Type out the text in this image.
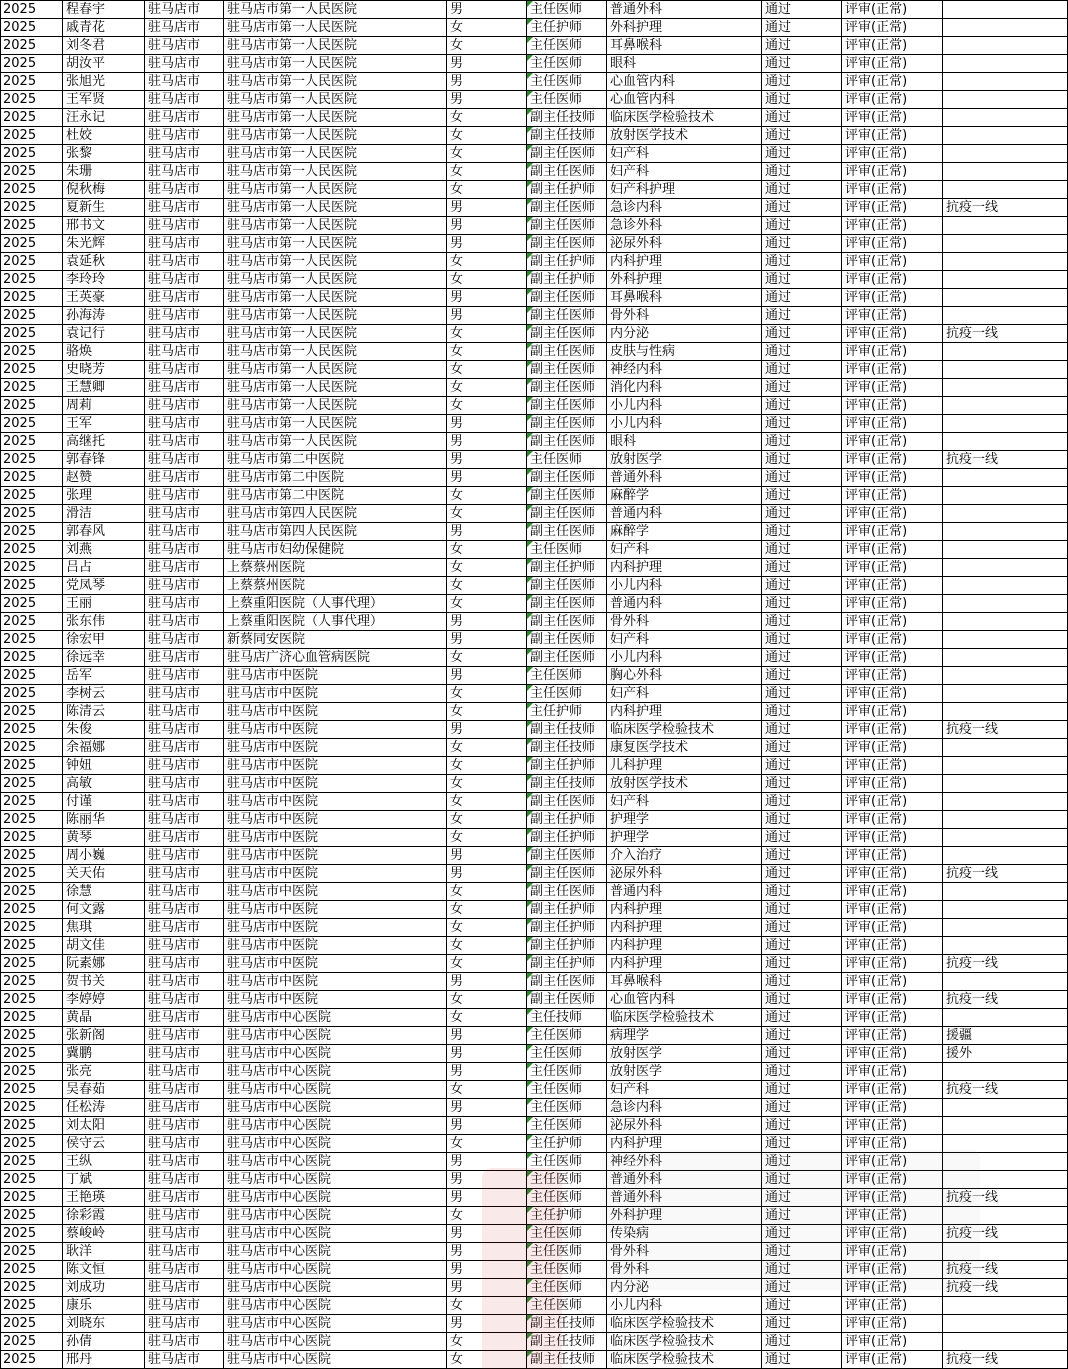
2025	程春宇	驻马店市	驻马店市第一人民医院	男	主任医师	普通外科	通过	评审(正常)
2025	戚青花	驻马店市	驻马店市第一人民医院	女	主任护师	外科护理	通过	评审(正常)
2025	刘冬君	驻马店市	驻马店市第一人民医院	女	主任医师	耳鼻喉科	通过	评审(正常)
2025	胡汝平	驻马店市	驻马店市第一人民医院	男	主任医师	眼科	通过	评审(正常)
2025	张旭光	驻马店市	驻马店市第一人民医院	男	主任医师	心血管内科	通过	评审(正常)
2025	王军贤	驻马店市	驻马店市第一人民医院	男	主任医师	心血管内科	通过	评审(正常)
2025	汪永记	驻马店市	驻马店市第一人民医院	女	副主任技师	临床医学检验技术	通过	评审(正常)
2025	杜姣	驻马店市	驻马店市第一人民医院	女	副主任技师	放射医学技术	通过	评审(正常)
2025	张黎	驻马店市	驻马店市第一人民医院	女	副主任医师	妇产科	通过	评审(正常)
2025	朱珊	驻马店市	驻马店市第一人民医院	女	副主任医师	妇产科	通过	评审(正常)
2025	倪秋梅	驻马店市	驻马店市第一人民医院	女	副主任护师	妇产科护理	通过	评审(正常)
2025	夏新生	驻马店市	驻马店市第一人民医院	男	副主任医师	急诊内科	通过	评审(正常)	抗疫一线
2025	邢书文	驻马店市	驻马店市第一人民医院	男	副主任医师	急诊外科	通过	评审(正常)
2025	朱光辉	驻马店市	驻马店市第一人民医院	男	副主任医师	泌尿外科	通过	评审(正常)
2025	袁延秋	驻马店市	驻马店市第一人民医院	女	副主任护师	内科护理	通过	评审(正常)
2025	李玲玲	驻马店市	驻马店市第一人民医院	女	副主任护师	外科护理	通过	评审(正常)
2025	王英豪	驻马店市	驻马店市第一人民医院	男	副主任医师	耳鼻喉科	通过	评审(正常)
2025	孙海涛	驻马店市	驻马店市第一人民医院	男	副主任医师	骨外科	通过	评审(正常)
2025	袁记行	驻马店市	驻马店市第一人民医院	女	副主任医师	内分泌	通过	评审(正常)	抗疫一线
2025	骆焕	驻马店市	驻马店市第一人民医院	女	副主任医师	皮肤与性病	通过	评审(正常)
2025	史晓芳	驻马店市	驻马店市第一人民医院	女	副主任医师	神经内科	通过	评审(正常)
2025	王慧卿	驻马店市	驻马店市第一人民医院	女	副主任医师	消化内科	通过	评审(正常)
2025	周莉	驻马店市	驻马店市第一人民医院	女	副主任医师	小儿内科	通过	评审(正常)
2025	王军	驻马店市	驻马店市第一人民医院	男	副主任医师	小儿内科	通过	评审(正常)
2025	高继托	驻马店市	驻马店市第一人民医院	男	副主任医师	眼科	通过	评审(正常)
2025	郭春锋	驻马店市	驻马店市第二中医院	男	主任医师	放射医学	通过	评审(正常)	抗疫一线
2025	赵赞	驻马店市	驻马店市第二中医院	男	副主任医师	普通外科	通过	评审(正常)
2025	张理	驻马店市	驻马店市第二中医院	女	副主任医师	麻醉学	通过	评审(正常)
2025	滑洁	驻马店市	驻马店市第四人民医院	女	副主任医师	普通内科	通过	评审(正常)
2025	郭春风	驻马店市	驻马店市第四人民医院	男	副主任医师	麻醉学	通过	评审(正常)
2025	刘燕	驻马店市	驻马店市妇幼保健院	女	主任医师	妇产科	通过	评审(正常)
2025	吕占	驻马店市	上蔡蔡州医院	女	副主任护师	内科护理	通过	评审(正常)
2025	党凤琴	驻马店市	上蔡蔡州医院	女	副主任医师	小儿内科	通过	评审(正常)
2025	王丽	驻马店市	上蔡重阳医院（人事代理）	女	副主任医师	普通内科	通过	评审(正常)
2025	张东伟	驻马店市	上蔡重阳医院（人事代理）	男	副主任医师	骨外科	通过	评审(正常)
2025	徐宏甲	驻马店市	新蔡同安医院	男	副主任医师	妇产科	通过	评审(正常)
2025	徐远幸	驻马店市	驻马店广济心血管病医院	女	副主任医师	小儿内科	通过	评审(正常)
2025	岳军	驻马店市	驻马店市中医院	男	主任医师	胸心外科	通过	评审(正常)
2025	李树云	驻马店市	驻马店市中医院	女	主任医师	妇产科	通过	评审(正常)
2025	陈清云	驻马店市	驻马店市中医院	女	主任护师	内科护理	通过	评审(正常)
2025	朱俊	驻马店市	驻马店市中医院	男	副主任技师	临床医学检验技术	通过	评审(正常)	抗疫一线
2025	余福娜	驻马店市	驻马店市中医院	女	副主任技师	康复医学技术	通过	评审(正常)
2025	钟妞	驻马店市	驻马店市中医院	女	副主任护师	儿科护理	通过	评审(正常)
2025	高敏	驻马店市	驻马店市中医院	女	副主任技师	放射医学技术	通过	评审(正常)
2025	付谨	驻马店市	驻马店市中医院	女	副主任医师	妇产科	通过	评审(正常)
2025	陈丽华	驻马店市	驻马店市中医院	女	副主任护师	护理学	通过	评审(正常)
2025	黄琴	驻马店市	驻马店市中医院	女	副主任护师	护理学	通过	评审(正常)
2025	周小巍	驻马店市	驻马店市中医院	男	副主任医师	介入治疗	通过	评审(正常)
2025	关天佑	驻马店市	驻马店市中医院	男	副主任医师	泌尿外科	通过	评审(正常)	抗疫一线
2025	徐慧	驻马店市	驻马店市中医院	女	副主任医师	普通内科	通过	评审(正常)
2025	何文露	驻马店市	驻马店市中医院	女	副主任护师	内科护理	通过	评审(正常)
2025	焦琪	驻马店市	驻马店市中医院	女	副主任护师	内科护理	通过	评审(正常)
2025	胡文佳	驻马店市	驻马店市中医院	女	副主任护师	内科护理	通过	评审(正常)
2025	阮素娜	驻马店市	驻马店市中医院	女	副主任护师	内科护理	通过	评审(正常)	抗疫一线
2025	贺书关	驻马店市	驻马店市中医院	男	副主任医师	耳鼻喉科	通过	评审(正常)
2025	李婷婷	驻马店市	驻马店市中医院	女	副主任医师	心血管内科	通过	评审(正常)	抗疫一线
2025	黄晶	驻马店市	驻马店市中心医院	女	主任技师	临床医学检验技术	通过	评审(正常)
2025	张新阁	驻马店市	驻马店市中心医院	男	主任医师	病理学	通过	评审(正常)	援疆
2025	冀鹏	驻马店市	驻马店市中心医院	男	主任医师	放射医学	通过	评审(正常)	援外
2025	张亮	驻马店市	驻马店市中心医院	男	主任医师	放射医学	通过	评审(正常)
2025	吴春茹	驻马店市	驻马店市中心医院	女	主任医师	妇产科	通过	评审(正常)	抗疫一线
2025	任松涛	驻马店市	驻马店市中心医院	男	主任医师	急诊内科	通过	评审(正常)
2025	刘太阳	驻马店市	驻马店市中心医院	男	主任医师	泌尿外科	通过	评审(正常)
2025	侯守云	驻马店市	驻马店市中心医院	女	主任护师	内科护理	通过	评审(正常)
2025	王纵	驻马店市	驻马店市中心医院	男	主任医师	神经外科	通过	评审(正常)
2025	丁斌	驻马店市	驻马店市中心医院	男	主任医师	普通外科	通过	评审(正常)
2025	王艳瑛	驻马店市	驻马店市中心医院	男	主任医师	普通外科	通过	评审(正常)	抗疫一线
2025	徐彩霞	驻马店市	驻马店市中心医院	女	主任护师	外科护理	通过	评审(正常)
2025	蔡峻岭	驻马店市	驻马店市中心医院	男	主任医师	传染病	通过	评审(正常)	抗疫一线
2025	耿洋	驻马店市	驻马店市中心医院	男	主任医师	骨外科	通过	评审(正常)
2025	陈文恒	驻马店市	驻马店市中心医院	男	主任医师	骨外科	通过	评审(正常)	抗疫一线
2025	刘成功	驻马店市	驻马店市中心医院	男	主任医师	内分泌	通过	评审(正常)	抗疫一线
2025	康乐	驻马店市	驻马店市中心医院	女	主任医师	小儿内科	通过	评审(正常)
2025	刘晓东	驻马店市	驻马店市中心医院	男	副主任技师	临床医学检验技术	通过	评审(正常)
2025	孙倩	驻马店市	驻马店市中心医院	女	副主任技师	临床医学检验技术	通过	评审(正常)
2025	邢丹	驻马店市	驻马店市中心医院	女	副主任技师	临床医学检验技术	通过	评审(正常)	抗疫一线
